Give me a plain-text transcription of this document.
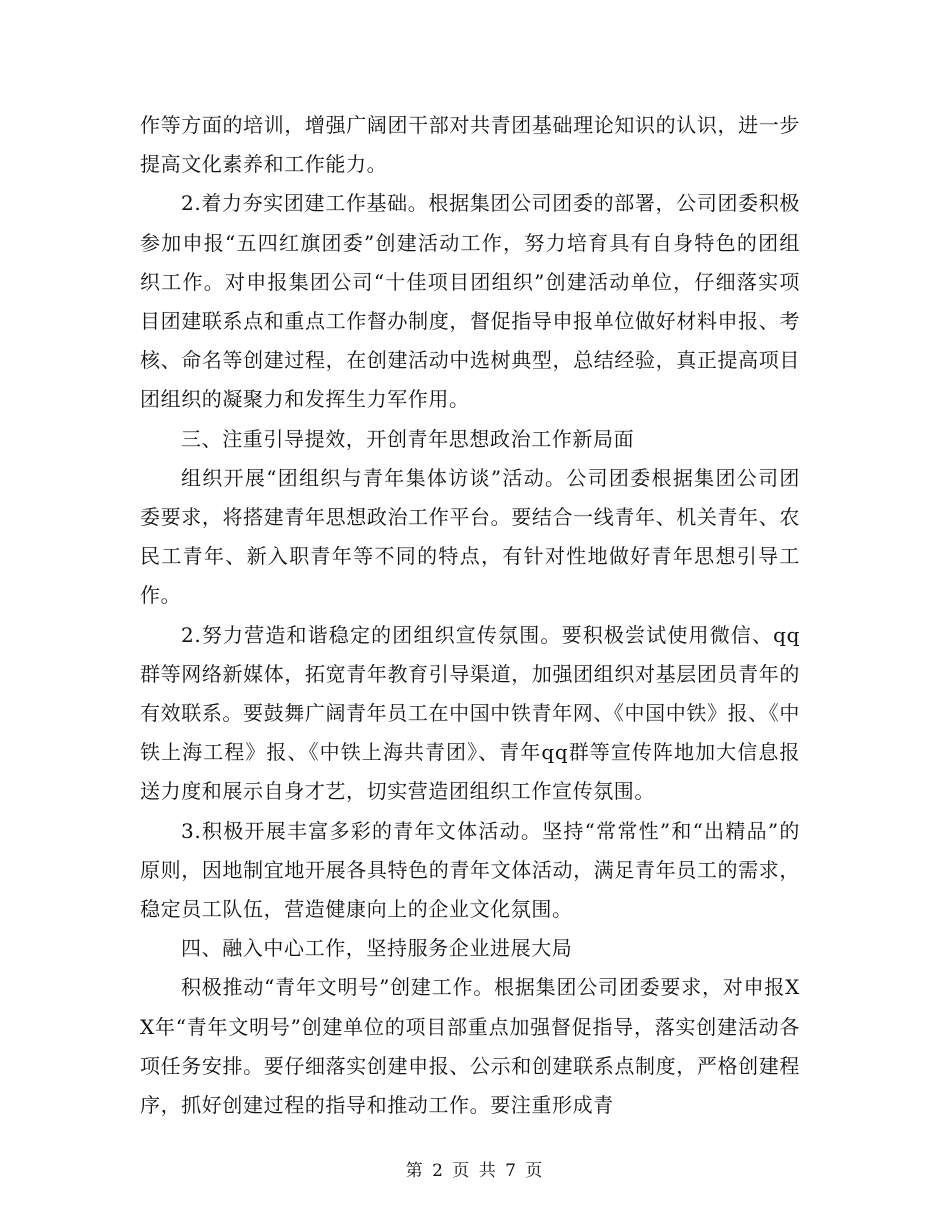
作等方面的培训，增强广阔团干部对共青团基础理论知识的认识，进一步提高文化素养和工作能力。

2.着力夯实团建工作基础。根据集团公司团委的部署，公司团委积极参加申报“五四红旗团委”创建活动工作，努力培育具有自身特色的团组织工作。对申报集团公司“十佳项目团组织”创建活动单位，仔细落实项目团建联系点和重点工作督办制度，督促指导申报单位做好材料申报、考核、命名等创建过程，在创建活动中选树典型，总结经验，真正提高项目团组织的凝聚力和发挥生力军作用。

三、注重引导提效，开创青年思想政治工作新局面

组织开展“团组织与青年集体访谈”活动。公司团委根据集团公司团委要求，将搭建青年思想政治工作平台。要结合一线青年、机关青年、农民工青年、新入职青年等不同的特点，有针对性地做好青年思想引导工作。

2.努力营造和谐稳定的团组织宣传氛围。要积极尝试使用微信、qq群等网络新媒体，拓宽青年教育引导渠道，加强团组织对基层团员青年的有效联系。要鼓舞广阔青年员工在中国中铁青年网、《中国中铁》报、《中铁上海工程》报、《中铁上海共青团》、青年qq群等宣传阵地加大信息报送力度和展示自身才艺，切实营造团组织工作宣传氛围。

3.积极开展丰富多彩的青年文体活动。坚持“常常性”和“出精品”的原则，因地制宜地开展各具特色的青年文体活动，满足青年员工的需求，稳定员工队伍，营造健康向上的企业文化氛围。

四、融入中心工作，坚持服务企业进展大局

积极推动“青年文明号”创建工作。根据集团公司团委要求，对申报XX年“青年文明号”创建单位的项目部重点加强督促指导，落实创建活动各项任务安排。要仔细落实创建申报、公示和创建联系点制度，严格创建程序，抓好创建过程的指导和推动工作。要注重形成青

第 2 页 共 7 页
